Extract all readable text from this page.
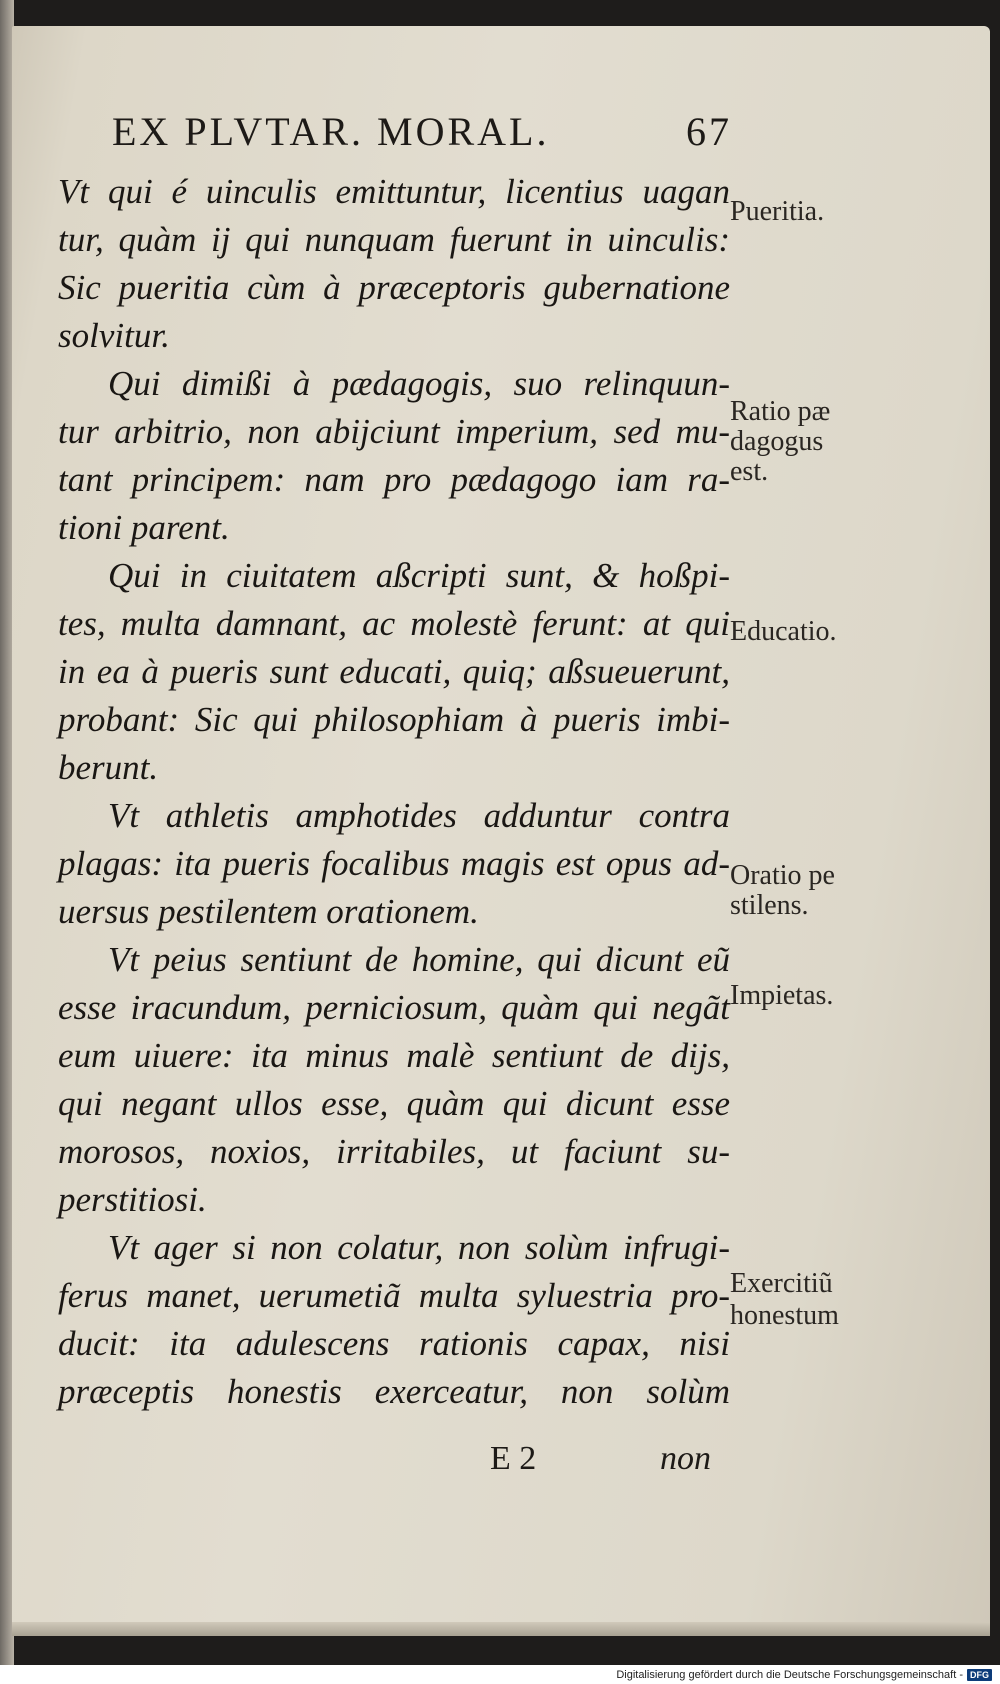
EX PLVTAR. MORAL.	67
Vt qui é uinculis emittuntur, licentius uagan
tur, quàm ij qui nunquam fuerunt in uinculis:
Sic pueritia cùm à præceptoris gubernatione
solvitur.
Qui dimißi à pædagogis, suo relinquun-
tur arbitrio, non abijciunt imperium, sed mu-
tant principem: nam pro pædagogo iam ra-
tioni parent.
Qui in ciuitatem aßcripti sunt, & hoßpi-
tes, multa damnant, ac molestè ferunt: at qui
in ea à pueris sunt educati, quiq; aßsueuerunt,
probant: Sic qui philosophiam à pueris imbi-
berunt.
Vt athletis amphotides adduntur contra
plagas: ita pueris focalibus magis est opus ad-
uersus pestilentem orationem.
Vt peius sentiunt de homine, qui dicunt eũ
esse iracundum, perniciosum, quàm qui negãt
eum uiuere: ita minus malè sentiunt de dijs,
qui negant ullos esse, quàm qui dicunt esse
morosos, noxios, irritabiles, ut faciunt su-
perstitiosi.
Vt ager si non colatur, non solùm infrugi-
ferus manet, uerumetiã multa syluestria pro-
ducit: ita adulescens rationis capax, nisi
præceptis honestis exerceatur, non solùm
Pueritia.
Ratio pæ
dagogus
est.
Educatio.
Oratio pe
stilens.
Impietas.
Exercitiũ
honestum
E 2	non
Digitalisierung gefördert durch die Deutsche Forschungsgemeinschaft - DFG
